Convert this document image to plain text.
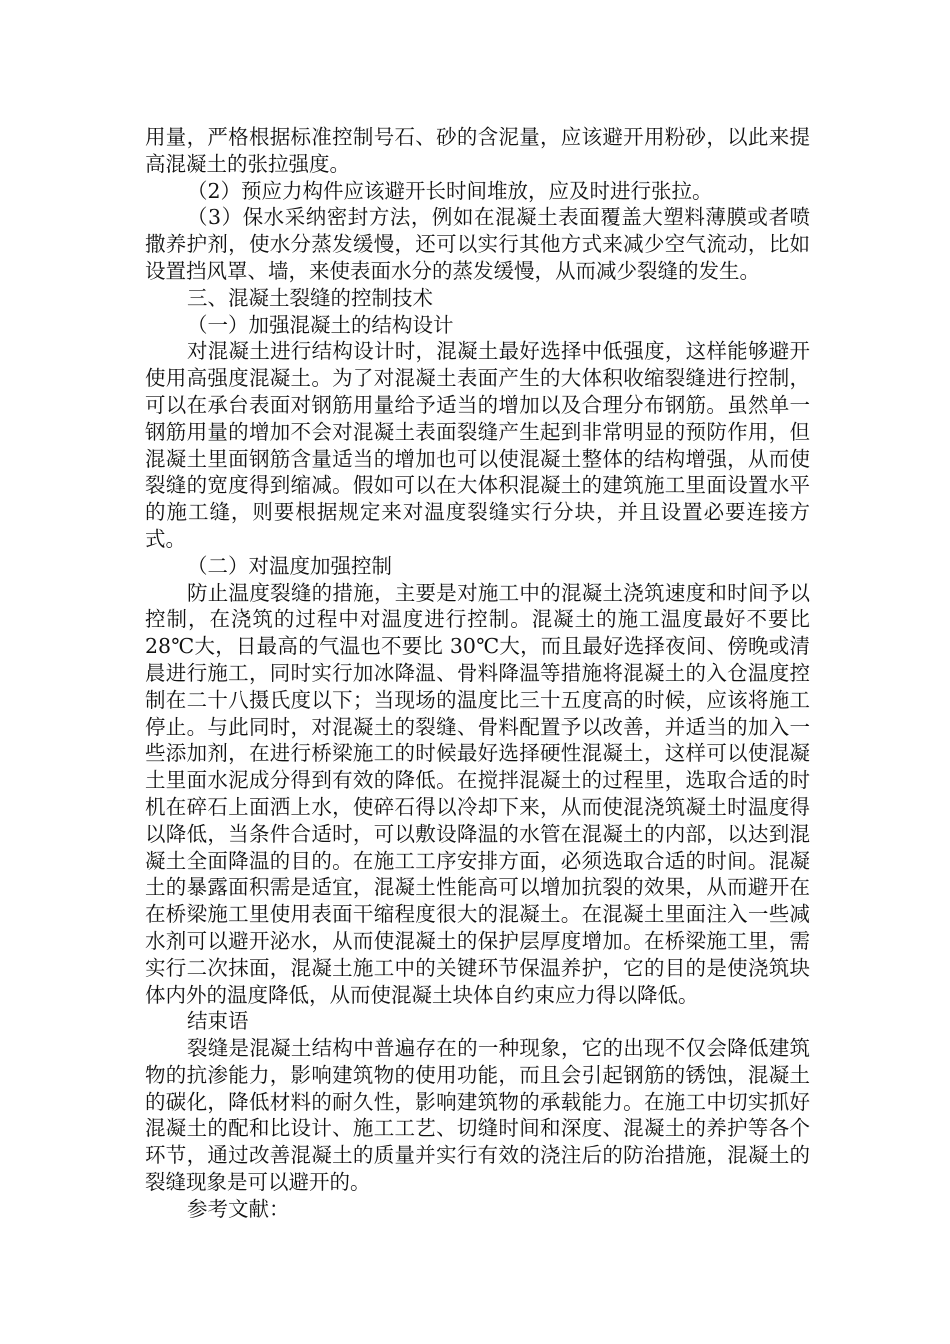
用量，严格根据标准控制号石、砂的含泥量，应该避开用粉砂，以此来提高混凝土的张拉强度。

（2）预应力构件应该避开长时间堆放，应及时进行张拉。

（3）保水采纳密封方法，例如在混凝土表面覆盖大塑料薄膜或者喷撒养护剂，使水分蒸发缓慢，还可以实行其他方式来减少空气流动，比如设置挡风罩、墙，来使表面水分的蒸发缓慢，从而减少裂缝的发生。

三、混凝土裂缝的控制技术

（一）加强混凝土的结构设计

对混凝土进行结构设计时，混凝土最好选择中低强度，这样能够避开使用高强度混凝土。为了对混凝土表面产生的大体积收缩裂缝进行控制，可以在承台表面对钢筋用量给予适当的增加以及合理分布钢筋。虽然单一钢筋用量的增加不会对混凝土表面裂缝产生起到非常明显的预防作用，但混凝土里面钢筋含量适当的增加也可以使混凝土整体的结构增强，从而使裂缝的宽度得到缩减。假如可以在大体积混凝土的建筑施工里面设置水平的施工缝，则要根据规定来对温度裂缝实行分块，并且设置必要连接方式。

（二）对温度加强控制

防止温度裂缝的措施，主要是对施工中的混凝土浇筑速度和时间予以控制，在浇筑的过程中对温度进行控制。混凝土的施工温度最好不要比 28℃大，日最高的气温也不要比 30℃大，而且最好选择夜间、傍晚或清晨进行施工，同时实行加冰降温、骨料降温等措施将混凝土的入仓温度控制在二十八摄氏度以下；当现场的温度比三十五度高的时候，应该将施工停止。与此同时，对混凝土的裂缝、骨料配置予以改善，并适当的加入一些添加剂，在进行桥梁施工的时候最好选择硬性混凝土，这样可以使混凝土里面水泥成分得到有效的降低。在搅拌混凝土的过程里，选取合适的时机在碎石上面洒上水，使碎石得以冷却下来，从而使混浇筑凝土时温度得以降低，当条件合适时，可以敷设降温的水管在混凝土的内部，以达到混凝土全面降温的目的。在施工工序安排方面，必须选取合适的时间。混凝土的暴露面积需是适宜，混凝土性能高可以增加抗裂的效果，从而避开在在桥梁施工里使用表面干缩程度很大的混凝土。在混凝土里面注入一些减水剂可以避开泌水，从而使混凝土的保护层厚度增加。在桥梁施工里，需实行二次抹面，混凝土施工中的关键环节保温养护，它的目的是使浇筑块体内外的温度降低，从而使混凝土块体自约束应力得以降低。

结束语

裂缝是混凝土结构中普遍存在的一种现象，它的出现不仅会降低建筑物的抗渗能力，影响建筑物的使用功能，而且会引起钢筋的锈蚀，混凝土的碳化，降低材料的耐久性，影响建筑物的承载能力。在施工中切实抓好混凝土的配和比设计、施工工艺、切缝时间和深度、混凝土的养护等各个环节，通过改善混凝土的质量并实行有效的浇注后的防治措施，混凝土的裂缝现象是可以避开的。

参考文献：
